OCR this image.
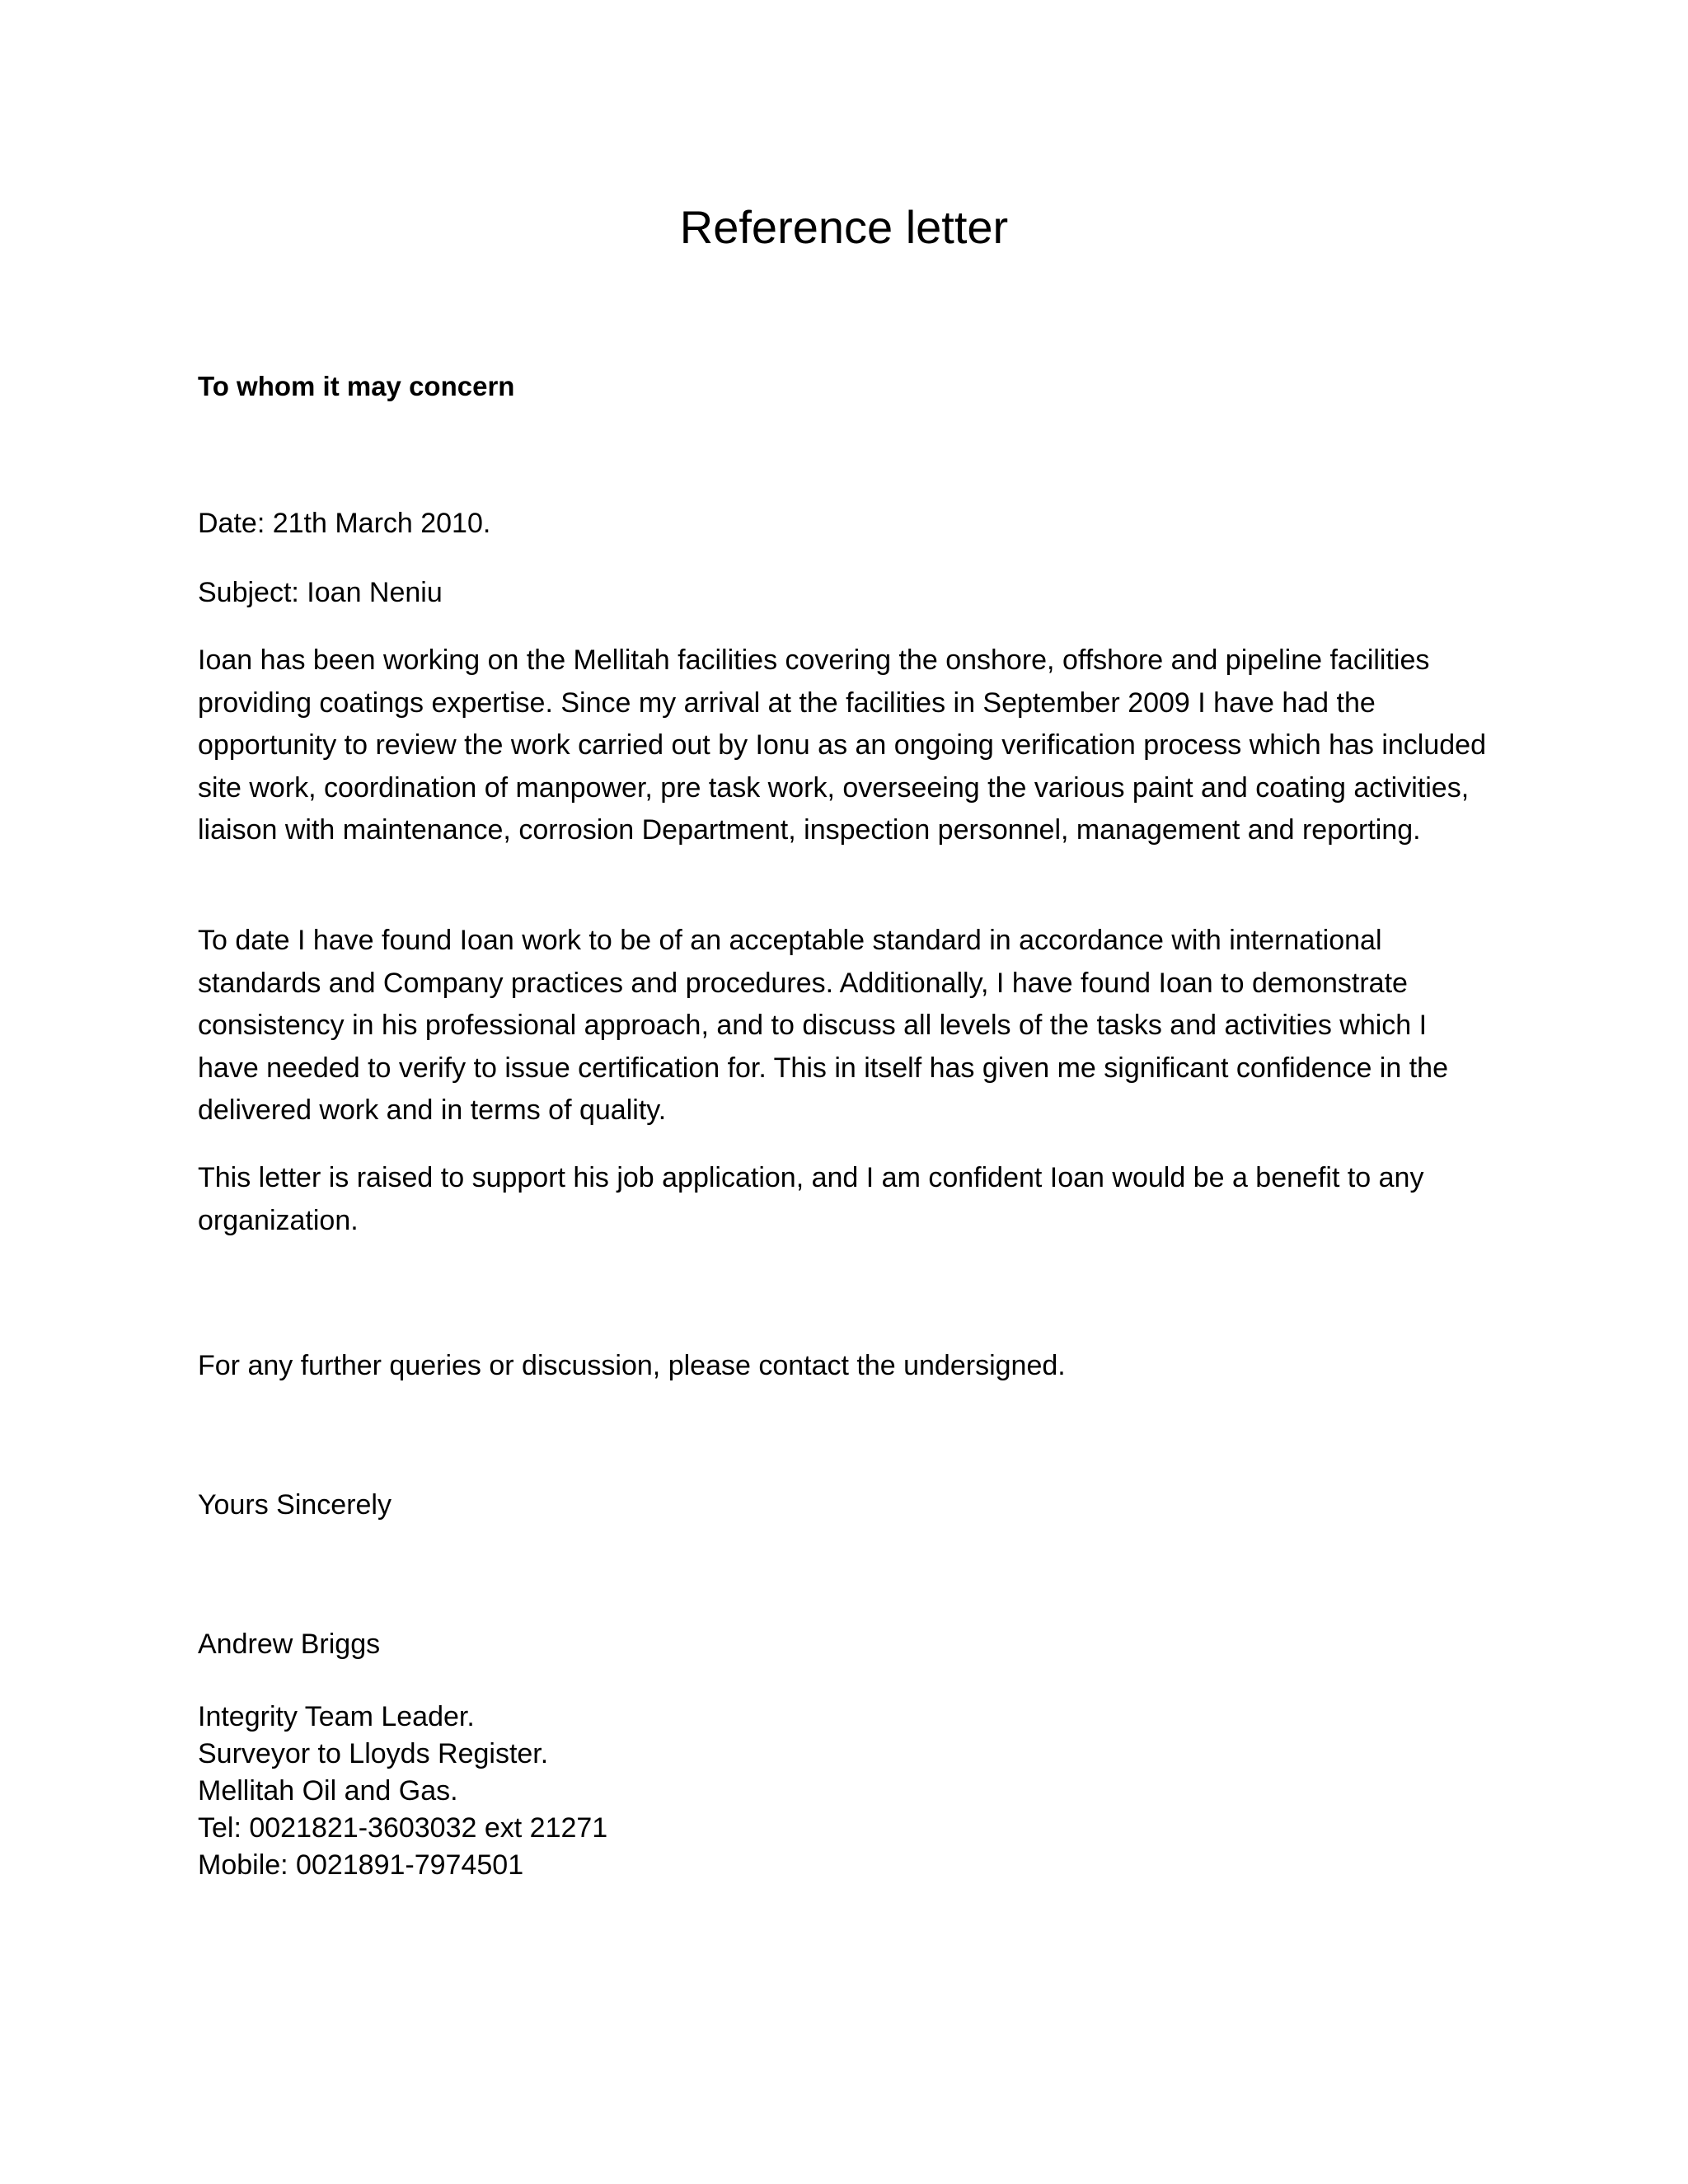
Reference letter

To whom it may concern

Date: 21th March 2010.

Subject: Ioan Neniu

Ioan has been working on the Mellitah facilities covering the onshore, offshore and pipeline facilities providing coatings expertise. Since my arrival at the facilities in September 2009 I have had the opportunity to review the work carried out by Ionu as an ongoing verification process which has included site work, coordination of manpower, pre task work, overseeing the various paint and coating activities, liaison with maintenance, corrosion Department, inspection personnel, management and reporting.

To date I have found Ioan work to be of an acceptable standard in accordance with international standards and Company practices and procedures. Additionally, I have found Ioan to demonstrate consistency in his professional approach, and to discuss all levels of the tasks and activities which I have needed to verify to issue certification for. This in itself has given me significant confidence in the delivered work and in terms of quality.

This letter is raised to support his job application, and I am confident Ioan would be a benefit to any organization.

For any further queries or discussion, please contact the undersigned.

Yours Sincerely

Andrew Briggs

Integrity Team Leader.
Surveyor to Lloyds Register.
Mellitah Oil and Gas.
Tel: 0021821-3603032 ext 21271
Mobile: 0021891-7974501
